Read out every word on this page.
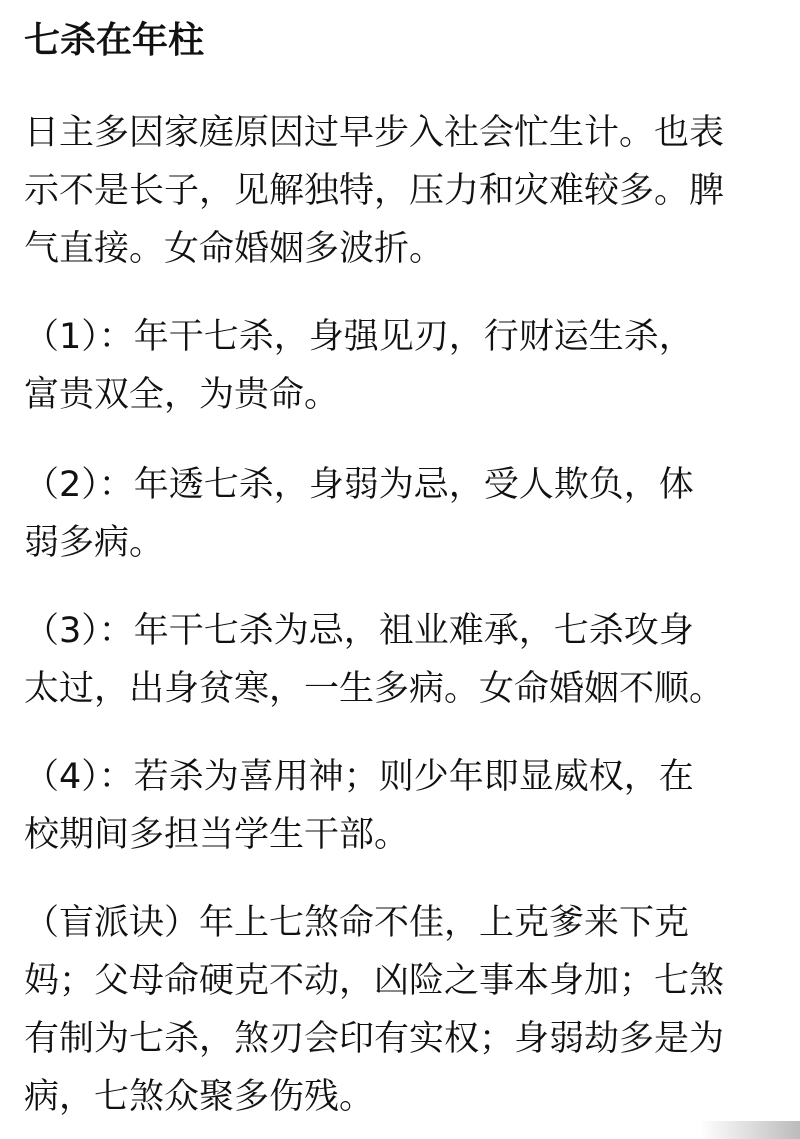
七杀在年柱
日主多因家庭原因过早步入社会忙生计。也表
示不是长子，见解独特，压力和灾难较多。脾
气直接。女命婚姻多波折。
（1）：年干七杀，身强见刃，行财运生杀，
富贵双全，为贵命。
（2）：年透七杀，身弱为忌，受人欺负，体
弱多病。
（3）：年干七杀为忌，祖业难承，七杀攻身
太过，出身贫寒，一生多病。女命婚姻不顺。
（4）：若杀为喜用神；则少年即显威权，在
校期间多担当学生干部。
（盲派诀）年上七煞命不佳，上克爹来下克
妈；父母命硬克不动，凶险之事本身加；七煞
有制为七杀，煞刃会印有实权；身弱劫多是为
病，七煞众聚多伤残。
